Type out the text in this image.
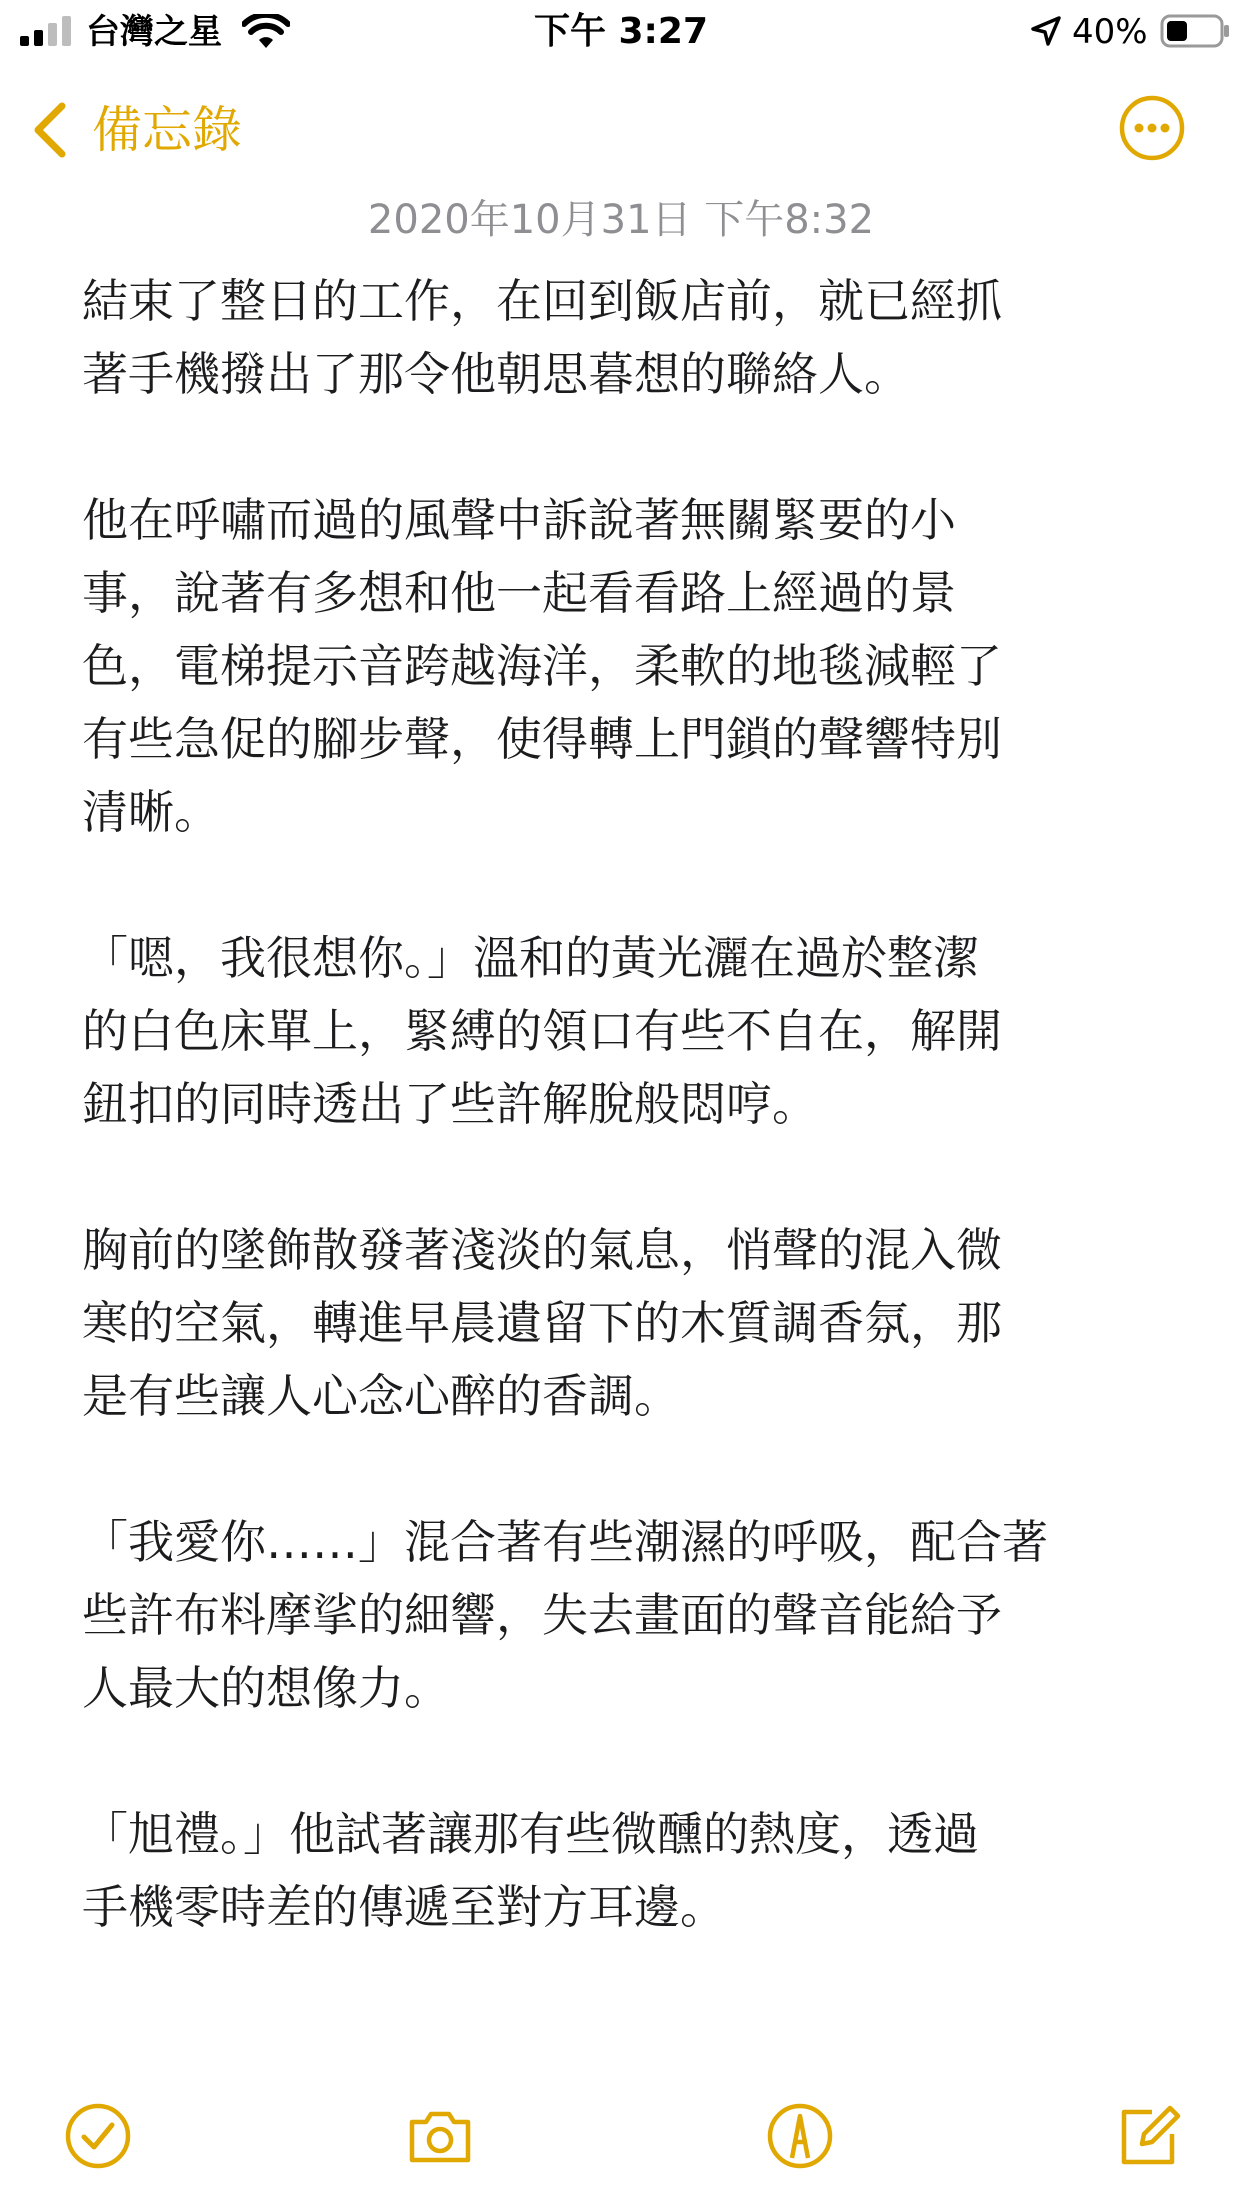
台灣之星	下午 3:27	40%
備忘錄
2020年10月31日 下午8:32

結束了整日的工作，在回到飯店前，就已經抓
著手機撥出了那令他朝思暮想的聯絡人。

他在呼嘯而過的風聲中訴說著無關緊要的小
事，說著有多想和他一起看看路上經過的景
色，電梯提示音跨越海洋，柔軟的地毯減輕了
有些急促的腳步聲，使得轉上門鎖的聲響特別
清晰。

「嗯，我很想你。」溫和的黃光灑在過於整潔
的白色床單上，緊縛的領口有些不自在，解開
鈕扣的同時透出了些許解脫般悶哼。

胸前的墜飾散發著淺淡的氣息，悄聲的混入微
寒的空氣，轉進早晨遺留下的木質調香氛，那
是有些讓人心念心醉的香調。

「我愛你……」混合著有些潮濕的呼吸，配合著
些許布料摩挲的細響，失去畫面的聲音能給予
人最大的想像力。

「旭禮。」他試著讓那有些微醺的熱度，透過
手機零時差的傳遞至對方耳邊。
